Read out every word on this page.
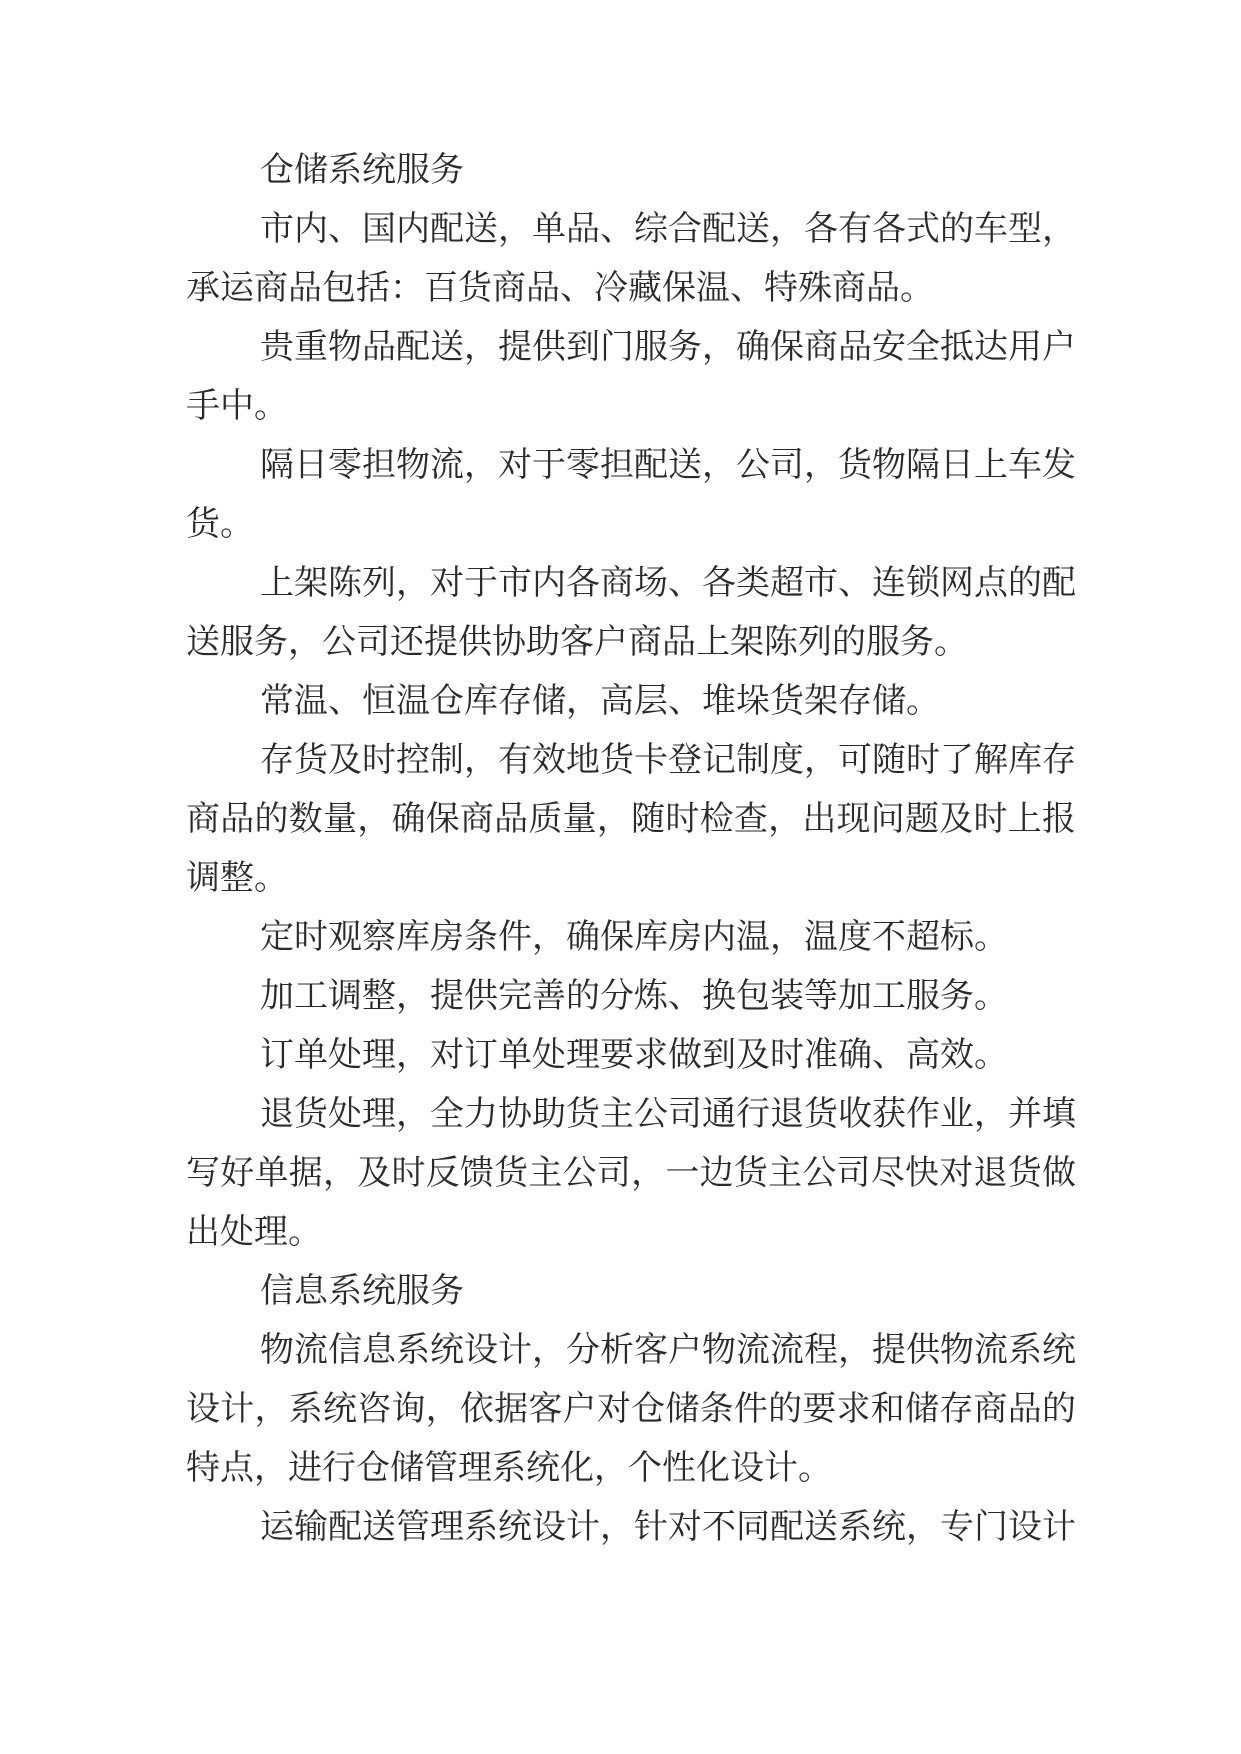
仓储系统服务
市内、国内配送，单品、综合配送，各有各式的车型，
承运商品包括：百货商品、冷藏保温、特殊商品。
贵重物品配送，提供到门服务，确保商品安全抵达用户
手中。
隔日零担物流，对于零担配送，公司，货物隔日上车发
货。
上架陈列，对于市内各商场、各类超市、连锁网点的配
送服务，公司还提供协助客户商品上架陈列的服务。
常温、恒温仓库存储，高层、堆垛货架存储。
存货及时控制，有效地货卡登记制度，可随时了解库存
商品的数量，确保商品质量，随时检查，出现问题及时上报
调整。
定时观察库房条件，确保库房内温，温度不超标。
加工调整，提供完善的分炼、换包装等加工服务。
订单处理，对订单处理要求做到及时准确、高效。
退货处理，全力协助货主公司通行退货收获作业，并填
写好单据，及时反馈货主公司，一边货主公司尽快对退货做
出处理。
信息系统服务
物流信息系统设计，分析客户物流流程，提供物流系统
设计，系统咨询，依据客户对仓储条件的要求和储存商品的
特点，进行仓储管理系统化，个性化设计。
运输配送管理系统设计，针对不同配送系统，专门设计
